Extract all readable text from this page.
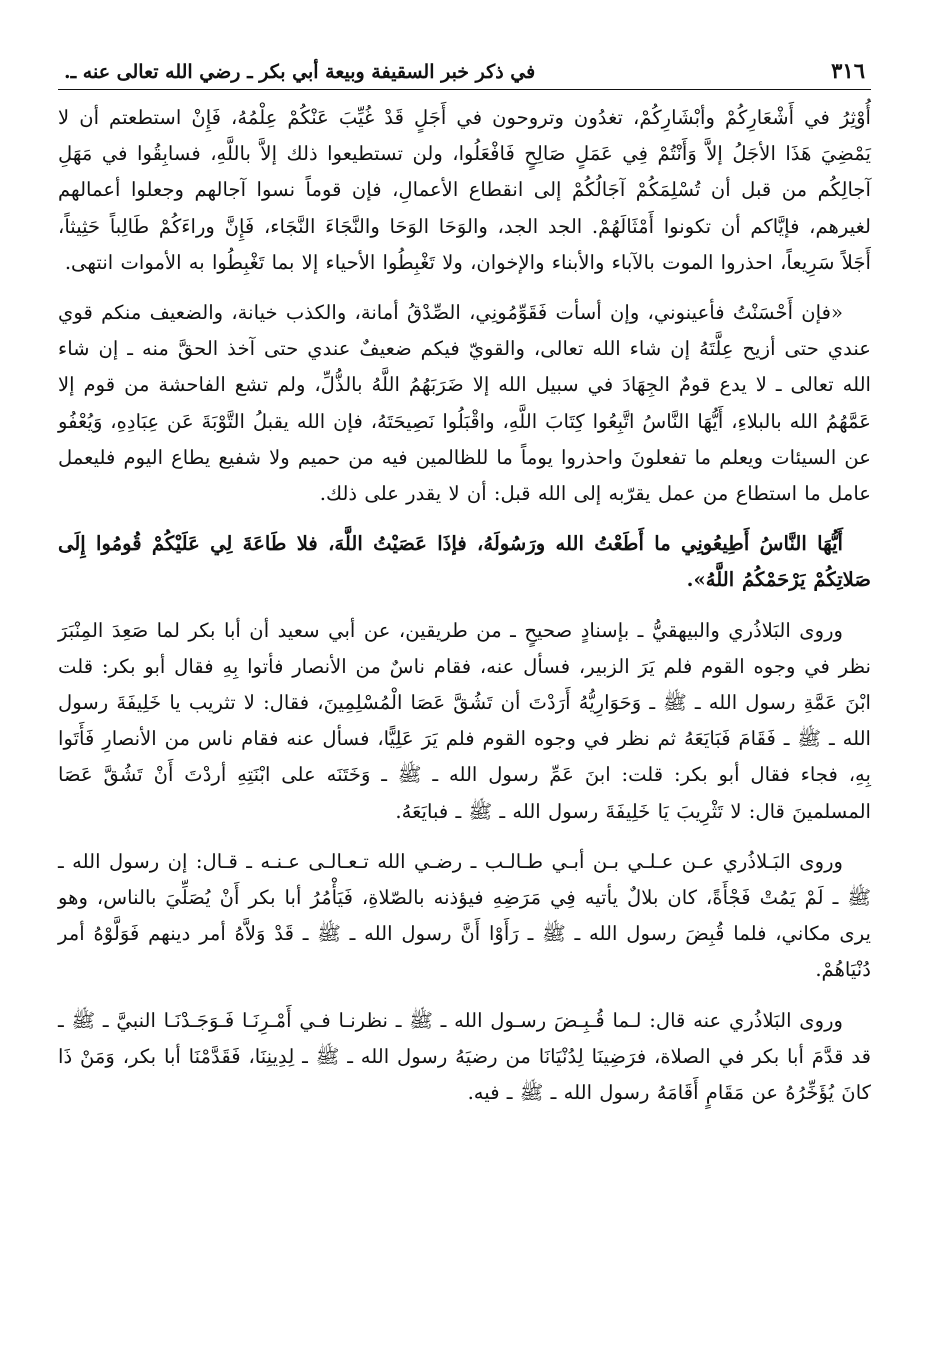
٣١٦
في ذكر خبر السقيفة وبيعة أبي بكر ـ رضي الله تعالى عنه ـ.

أُوْثِرُ في أَشْعَارِكُمْ وأبْشَارِكُمْ، تغدُون وتروحون في أَجَلٍ قَدْ غُيِّبَ عَنْكُمْ عِلْمُهُ، فَإِنْ استطعتم أن لا يَمْضِيَ هَذَا الأجَلُ إلاَّ وَأَنْتُمْ فِي عَمَلٍ صَالِحٍ فَافْعَلُوا، ولن تستطيعوا ذلك إلاَّ باللَّهِ، فسابِقُوا في مَهَلِ آجالِكُم من قبل أن تُسْلِمَكُمْ آجَالُكُمْ إلى انقطاع الأعمالِ، فإن قوماً نسوا آجالهم وجعلوا أعمالهم لغيرهم، فإيَّاكم أن تكونوا أَمْثَالَهُمْ. الجد الجد، والوَحَا الوَحَا والنَّجَاءَ النَّجَاء، فَإِنَّ وراءَكُمْ طَالِباً حَثِيثاً، أَجَلاً سَرِيعاً، احذروا الموت بالآباء والأبناء والإخوان، ولا تَغْبِطُوا الأحياء إلا بما تَغْبِطُوا به الأموات انتهى.

«فإن أَحْسَنْتُ فأعينوني، وإن أسأت فَقَوِّمُونِي، الصِّدْقُ أمانة، والكذب خيانة، والضعيف منكم قوي عندي حتى أزيح عِلَّتَهُ إن شاء الله تعالى، والقويّ فيكم ضعيفٌ عندي حتى آخذ الحقَّ منه ـ إن شاء الله تعالى ـ لا يدع قومٌ الجِهَادَ في سبيل الله إلا ضَرَبَهُمُ اللَّهُ بالذُّلِّ، ولم تشع الفاحشة من قوم إلا عَمَّهُمُ الله بالبلاءِ، أَيُّهَا النَّاسُ اتَّبِعُوا كِتَابَ اللَّهِ، واقْبَلُوا نَصِيحَتَهُ، فإن الله يقبلُ التَّوْبَةَ عَن عِبَادِهِ، وَيُعْفُو عن السيئات ويعلم ما تفعلونَ واحذروا يوماً ما للظالمين فيه من حميم ولا شفيع يطاع اليوم فليعمل عامل ما استطاع من عمل يقرّبه إلى الله قبل: أن لا يقدر على ذلك.

أَيُّهَا النَّاسُ أَطِيعُونِي ما أَطَعْتُ الله ورَسُولَهُ، فإذَا عَصَيْتُ اللَّهَ، فلا طَاعَةَ لِي عَلَيْكُمْ قُومُوا إِلَى صَلاتِكُمْ يَرْحَمْكُمُ اللَّهُ».

وروى البَلاذُري والبيهقيُّ ـ بإسنادٍ صحيحٍ ـ من طريقين، عن أبي سعيد أن أبا بكر لما صَعِدَ المِنْبَرَ نظر في وجوه القوم فلم يَرَ الزبير، فسأل عنه، فقام ناسٌ من الأنصار فأتوا بِهِ فقال أبو بكر: قلت ابْنَ عَمَّةِ رسول الله ـ ﷺ ـ وَحَوَارِيُّهُ أَرَدْتَ أن تَشُقَّ عَصَا الْمُسْلِمِينَ، فقال: لا تثريب يا خَلِيفَةَ رسول الله ـ ﷺ ـ فَقَامَ فَبَايَعَهُ ثم نظر في وجوه القوم فلم يَرَ عَلِيًّا، فسأل عنه فقام ناس من الأنصارِ فَأَتَوا بِهِ، فجاء فقال أبو بكر: قلت: ابنَ عَمِّ رسول الله ـ ﷺ ـ وَخَتَنَه على ابْنَتِهِ أردْتَ أَنْ تَشُقَّ عَصَا المسلمينَ قال: لا تَثْرِيبَ يَا خَلِيفَةَ رسول الله ـ ﷺ ـ فبايَعَهُ.

وروى البَـلاذُري عـن عـلـي بـن أبـي طـالـب ـ رضـي الله تـعـالـى عـنـه ـ قـال: إن رسول الله ـ ﷺ ـ لَمْ يَمُتْ فَجْأَةً، كان بلالٌ يأتيه فِي مَرَضِهِ فيؤذنه بالصّلاةِ، فَيَأْمُرُ أبا بكر أَنْ يُصَلِّيَ بالناس، وهو يرى مكاني، فلما قُبِضَ رسول الله ـ ﷺ ـ رَأَوْا أَنَّ رسول الله ـ ﷺ ـ قَدْ وَلاَّهُ أمر دينهم فَوَلَّوْهُ أمر دُنْيَاهُمْ.

وروى البَلاذُري عنه قال: لـما قُـبِـضَ رسـول الله ـ ﷺ ـ نظرنـا فـي أَمْـرِنَـا فَـوَجَـدْنَـا النبيَّ ـ ﷺ ـ قد قدَّمَ أبا بكر في الصلاة، فرَضِينَا لِدُنْيَانَا من رضيَهُ رسول الله ـ ﷺ ـ لِدِينِنَا، فَقَدَّمْنَا أبا بكر، وَمَنْ ذَا كانَ يُؤَخِّرُهُ عن مَقَامٍ أَقَامَهُ رسول الله ـ ﷺ ـ فيه.
